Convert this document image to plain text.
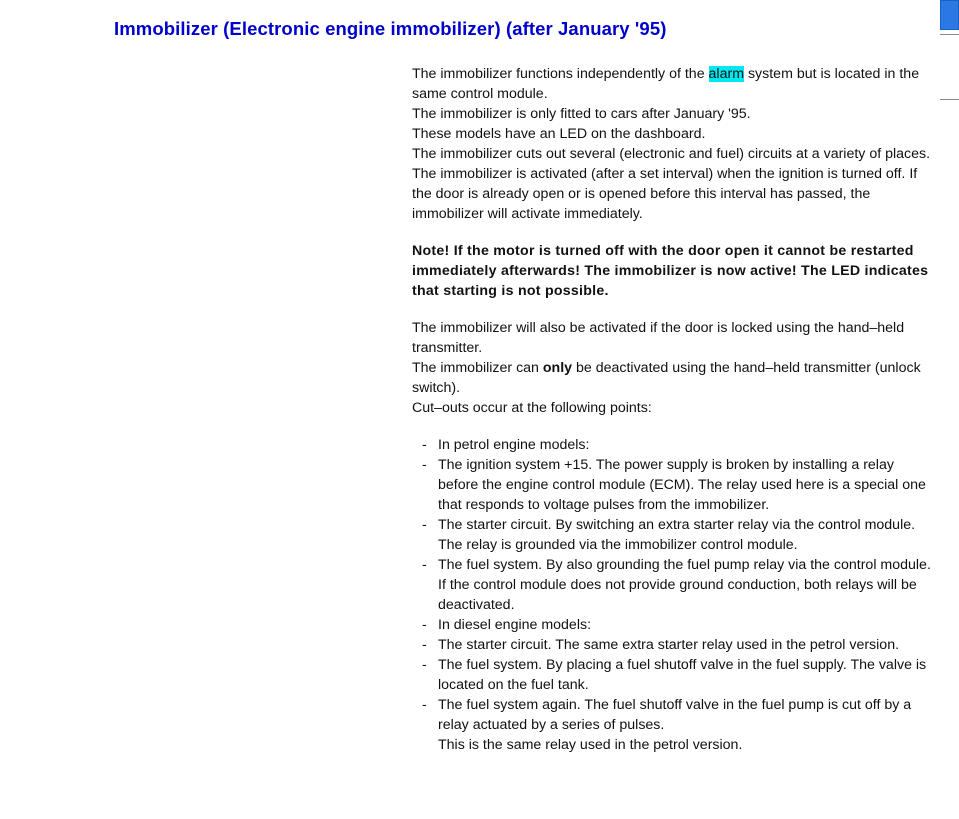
Immobilizer (Electronic engine immobilizer) (after January '95)

The immobilizer functions independently of the alarm system but is located in the same control module.

The immobilizer is only fitted to cars after January '95.

These models have an LED on the dashboard.

The immobilizer cuts out several (electronic and fuel) circuits at a variety of places.

The immobilizer is activated (after a set interval) when the ignition is turned off. If the door is already open or is opened before this interval has passed, the immobilizer will activate immediately.

Note! If the motor is turned off with the door open it cannot be restarted immediately afterwards! The immobilizer is now active! The LED indicates that starting is not possible.

The immobilizer will also be activated if the door is locked using the hand–held transmitter.

The immobilizer can only be deactivated using the hand–held transmitter (unlock switch).

Cut–outs occur at the following points:

- In petrol engine models:
- The ignition system +15. The power supply is broken by installing a relay before the engine control module (ECM). The relay used here is a special one that responds to voltage pulses from the immobilizer.
- The starter circuit. By switching an extra starter relay via the control module. The relay is grounded via the immobilizer control module.
- The fuel system. By also grounding the fuel pump relay via the control module. If the control module does not provide ground conduction, both relays will be deactivated.
- In diesel engine models:
- The starter circuit. The same extra starter relay used in the petrol version.
- The fuel system. By placing a fuel shutoff valve in the fuel supply. The valve is located on the fuel tank.
- The fuel system again. The fuel shutoff valve in the fuel pump is cut off by a relay actuated by a series of pulses.
This is the same relay used in the petrol version.
